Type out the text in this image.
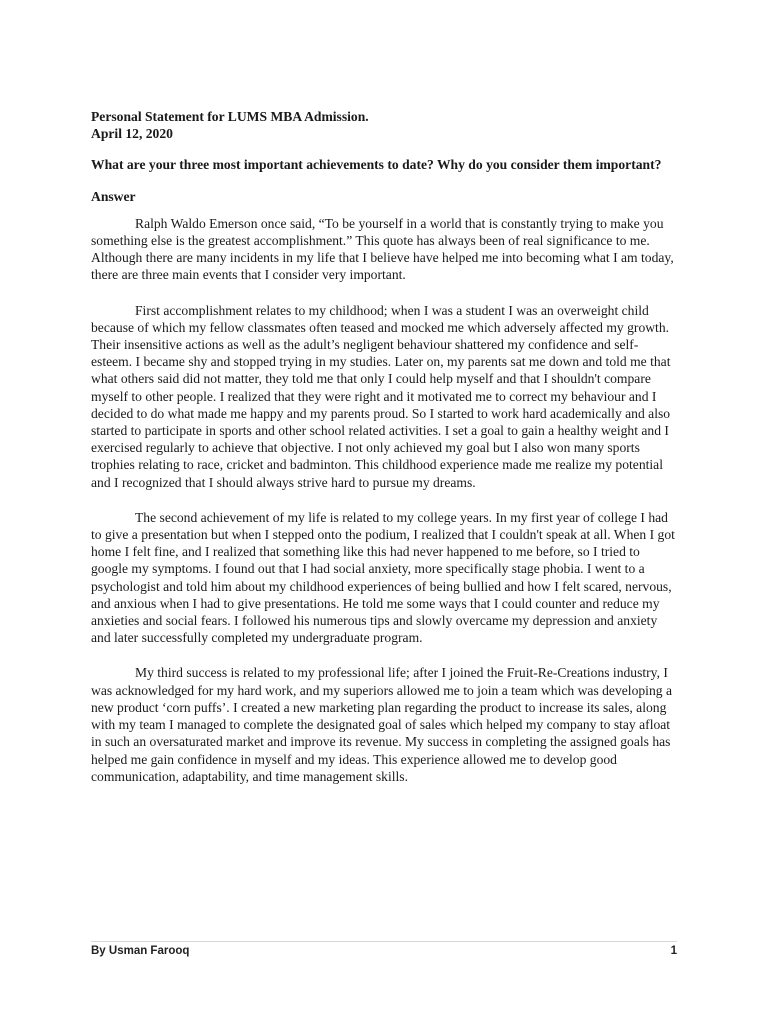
Personal Statement for LUMS MBA Admission.

April 12, 2020

What are your three most important achievements to date? Why do you consider them important?

Answer

Ralph Waldo Emerson once said, “To be yourself in a world that is constantly trying to make you something else is the greatest accomplishment.” This quote has always been of real significance to me. Although there are many incidents in my life that I believe have helped me into becoming what I am today, there are three main events that I consider very important.

First accomplishment relates to my childhood; when I was a student I was an overweight child because of which my fellow classmates often teased and mocked me which adversely affected my growth. Their insensitive actions as well as the adult’s negligent behaviour shattered my confidence and self-esteem. I became shy and stopped trying in my studies. Later on, my parents sat me down and told me that what others said did not matter, they told me that only I could help myself and that I shouldn't compare myself to other people. I realized that they were right and it motivated me to correct my behaviour and I decided to do what made me happy and my parents proud. So I started to work hard academically and also started to participate in sports and other school related activities. I set a goal to gain a healthy weight and I exercised regularly to achieve that objective. I not only achieved my goal but I also won many sports trophies relating to race, cricket and badminton. This childhood experience made me realize my potential and I recognized that I should always strive hard to pursue my dreams.

The second achievement of my life is related to my college years. In my first year of college I had to give a presentation but when I stepped onto the podium, I realized that I couldn't speak at all. When I got home I felt fine, and I realized that something like this had never happened to me before, so I tried to google my symptoms. I found out that I had social anxiety, more specifically stage phobia. I went to a psychologist and told him about my childhood experiences of being bullied and how I felt scared, nervous, and anxious when I had to give presentations. He told me some ways that I could counter and reduce my anxieties and social fears. I followed his numerous tips and slowly overcame my depression and anxiety and later successfully completed my undergraduate program.

My third success is related to my professional life; after I joined the Fruit-Re-Creations industry, I was acknowledged for my hard work, and my superiors allowed me to join a team which was developing a new product ‘corn puffs’. I created a new marketing plan regarding the product to increase its sales, along with my team I managed to complete the designated goal of sales which helped my company to stay afloat in such an oversaturated market and improve its revenue. My success in completing the assigned goals has helped me gain confidence in myself and my ideas. This experience allowed me to develop good communication, adaptability, and time management skills.

By Usman Farooq	1
